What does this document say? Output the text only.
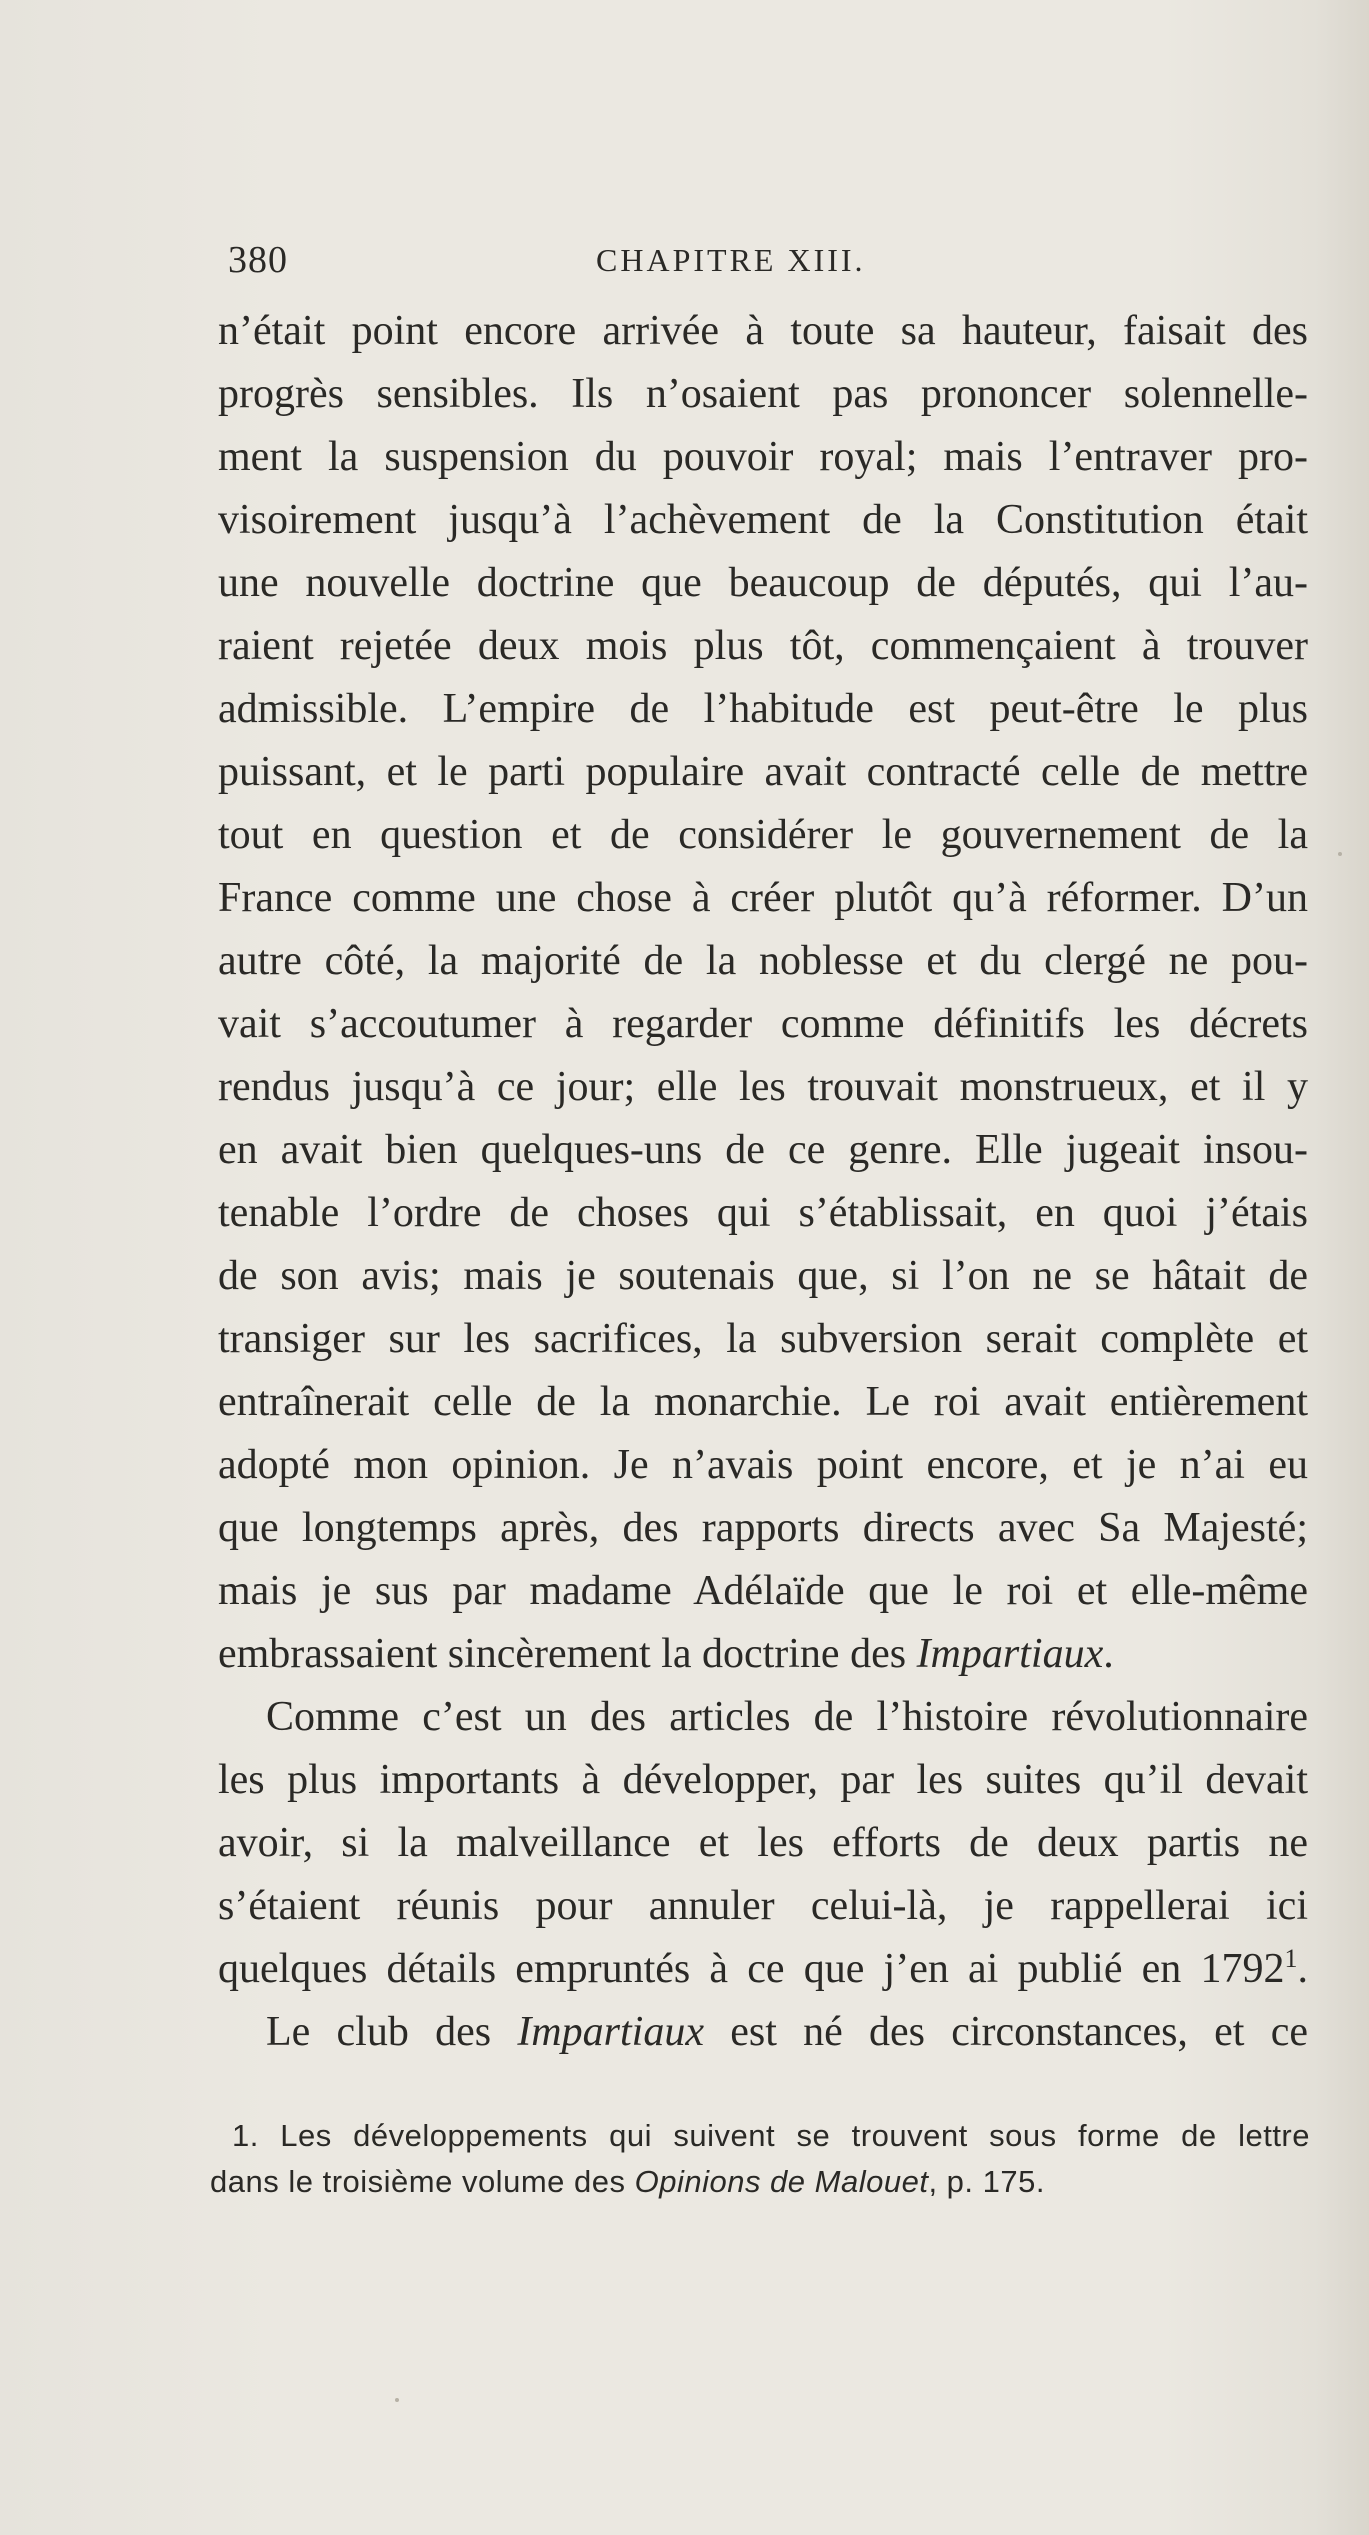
380	CHAPITRE XIII.
n’était point encore arrivée à toute sa hauteur, faisait des
progrès sensibles. Ils n’osaient pas prononcer solennelle-
ment la suspension du pouvoir royal; mais l’entraver pro-
visoirement jusqu’à l’achèvement de la Constitution était
une nouvelle doctrine que beaucoup de députés, qui l’au-
raient rejetée deux mois plus tôt, commençaient à trouver
admissible. L’empire de l’habitude est peut-être le plus
puissant, et le parti populaire avait contracté celle de mettre
tout en question et de considérer le gouvernement de la
France comme une chose à créer plutôt qu’à réformer. D’un
autre côté, la majorité de la noblesse et du clergé ne pou-
vait s’accoutumer à regarder comme définitifs les décrets
rendus jusqu’à ce jour; elle les trouvait monstrueux, et il y
en avait bien quelques-uns de ce genre. Elle jugeait insou-
tenable l’ordre de choses qui s’établissait, en quoi j’étais
de son avis; mais je soutenais que, si l’on ne se hâtait de
transiger sur les sacrifices, la subversion serait complète et
entraînerait celle de la monarchie. Le roi avait entièrement
adopté mon opinion. Je n’avais point encore, et je n’ai eu
que longtemps après, des rapports directs avec Sa Majesté;
mais je sus par madame Adélaïde que le roi et elle-même
embrassaient sincèrement la doctrine des Impartiaux.
Comme c’est un des articles de l’histoire révolutionnaire
les plus importants à développer, par les suites qu’il devait
avoir, si la malveillance et les efforts de deux partis ne
s’étaient réunis pour annuler celui-là, je rappellerai ici
quelques détails empruntés à ce que j’en ai publié en 1792$^1$.
Le club des Impartiaux est né des circonstances, et ce
1. Les développements qui suivent se trouvent sous forme de lettre
dans le troisième volume des Opinions de Malouet, p. 175.
